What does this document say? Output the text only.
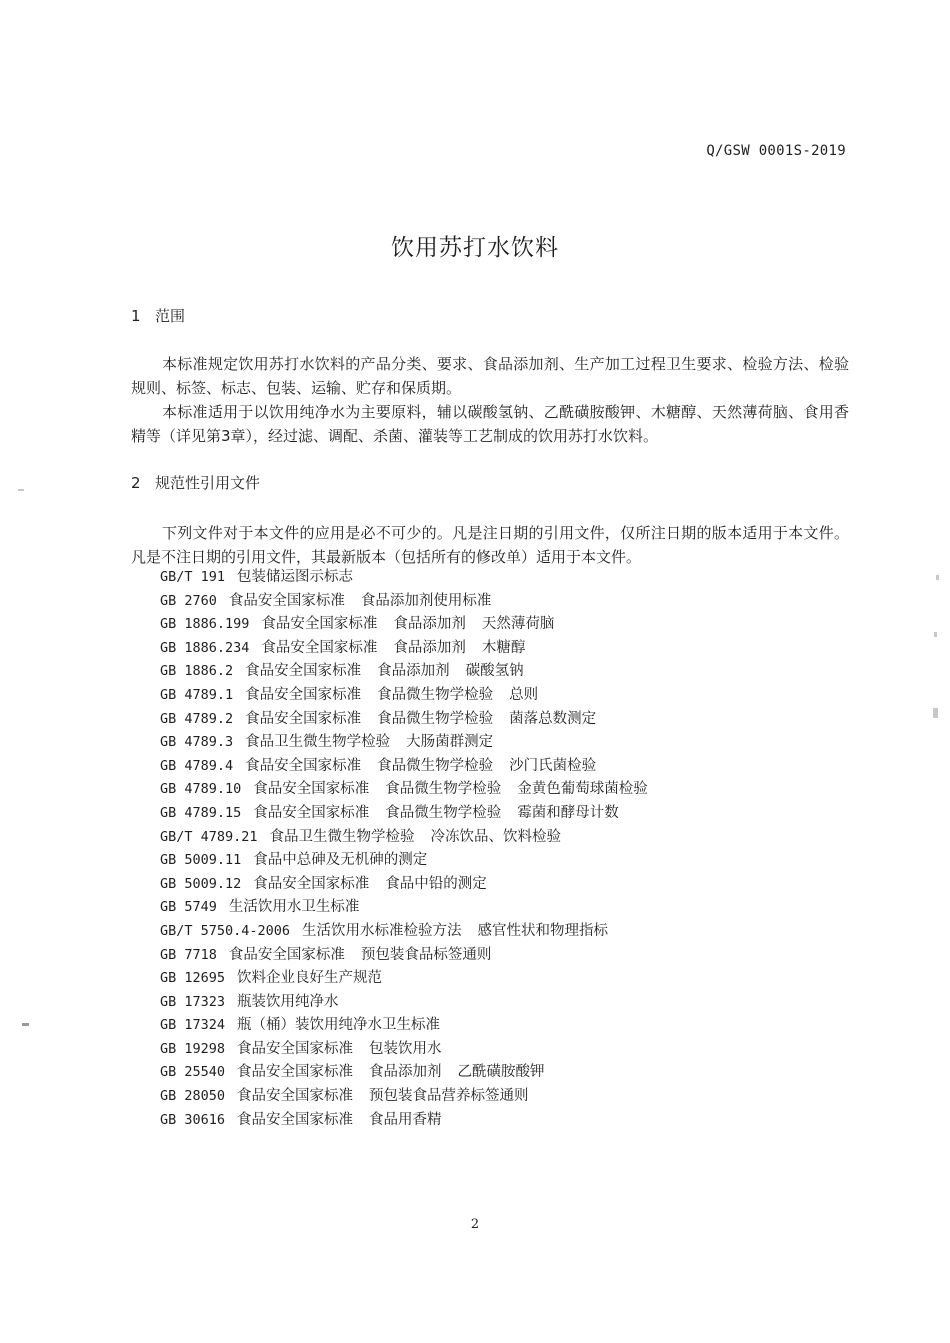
Q/GSW 0001S-2019
饮用苏打水饮料
1 范围

本标准规定饮用苏打水饮料的产品分类、要求、食品添加剂、生产加工过程卫生要求、检验方法、检验规则、标签、标志、包装、运输、贮存和保质期。

本标准适用于以饮用纯净水为主要原料，辅以碳酸氢钠、乙酰磺胺酸钾、木糖醇、天然薄荷脑、食用香精等（详见第3章），经过滤、调配、杀菌、灌装等工艺制成的饮用苏打水饮料。

2 规范性引用文件

下列文件对于本文件的应用是必不可少的。凡是注日期的引用文件，仅所注日期的版本适用于本文件。凡是不注日期的引用文件，其最新版本（包括所有的修改单）适用于本文件。

GB/T 191 包装储运图示标志
GB 2760 食品安全国家标准 食品添加剂使用标准
GB 1886.199 食品安全国家标准 食品添加剂 天然薄荷脑
GB 1886.234 食品安全国家标准 食品添加剂 木糖醇
GB 1886.2 食品安全国家标准 食品添加剂 碳酸氢钠
GB 4789.1 食品安全国家标准 食品微生物学检验 总则
GB 4789.2 食品安全国家标准 食品微生物学检验 菌落总数测定
GB 4789.3 食品卫生微生物学检验 大肠菌群测定
GB 4789.4 食品安全国家标准 食品微生物学检验 沙门氏菌检验
GB 4789.10 食品安全国家标准 食品微生物学检验 金黄色葡萄球菌检验
GB 4789.15 食品安全国家标准 食品微生物学检验 霉菌和酵母计数
GB/T 4789.21 食品卫生微生物学检验 冷冻饮品、饮料检验
GB 5009.11 食品中总砷及无机砷的测定
GB 5009.12 食品安全国家标准 食品中铅的测定
GB 5749 生活饮用水卫生标准
GB/T 5750.4-2006 生活饮用水标准检验方法 感官性状和物理指标
GB 7718 食品安全国家标准 预包装食品标签通则
GB 12695 饮料企业良好生产规范
GB 17323 瓶装饮用纯净水
GB 17324 瓶（桶）装饮用纯净水卫生标准
GB 19298 食品安全国家标准 包装饮用水
GB 25540 食品安全国家标准 食品添加剂 乙酰磺胺酸钾
GB 28050 食品安全国家标准 预包装食品营养标签通则
GB 30616 食品安全国家标准 食品用香精
2
